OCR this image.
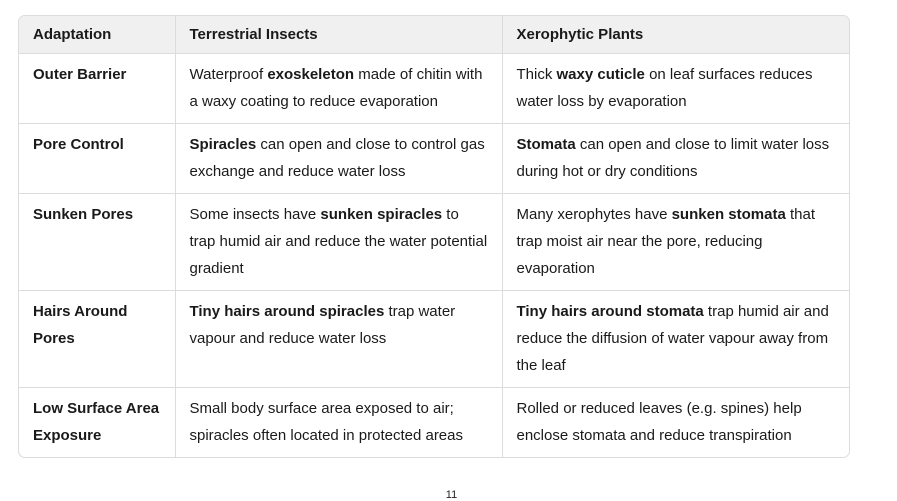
Adaptation	Terrestrial Insects	Xerophytic Plants
Outer Barrier	Waterproof exoskeleton made of chitin with a waxy coating to reduce evaporation	Thick waxy cuticle on leaf surfaces reduces water loss by evaporation
Pore Control	Spiracles can open and close to control gas exchange and reduce water loss	Stomata can open and close to limit water loss during hot or dry conditions
Sunken Pores	Some insects have sunken spiracles to trap humid air and reduce the water potential gradient	Many xerophytes have sunken stomata that trap moist air near the pore, reducing evaporation
Hairs Around Pores	Tiny hairs around spiracles trap water vapour and reduce water loss	Tiny hairs around stomata trap humid air and reduce the diffusion of water vapour away from the leaf
Low Surface Area Exposure	Small body surface area exposed to air; spiracles often located in protected areas	Rolled or reduced leaves (e.g. spines) help enclose stomata and reduce transpiration
11
